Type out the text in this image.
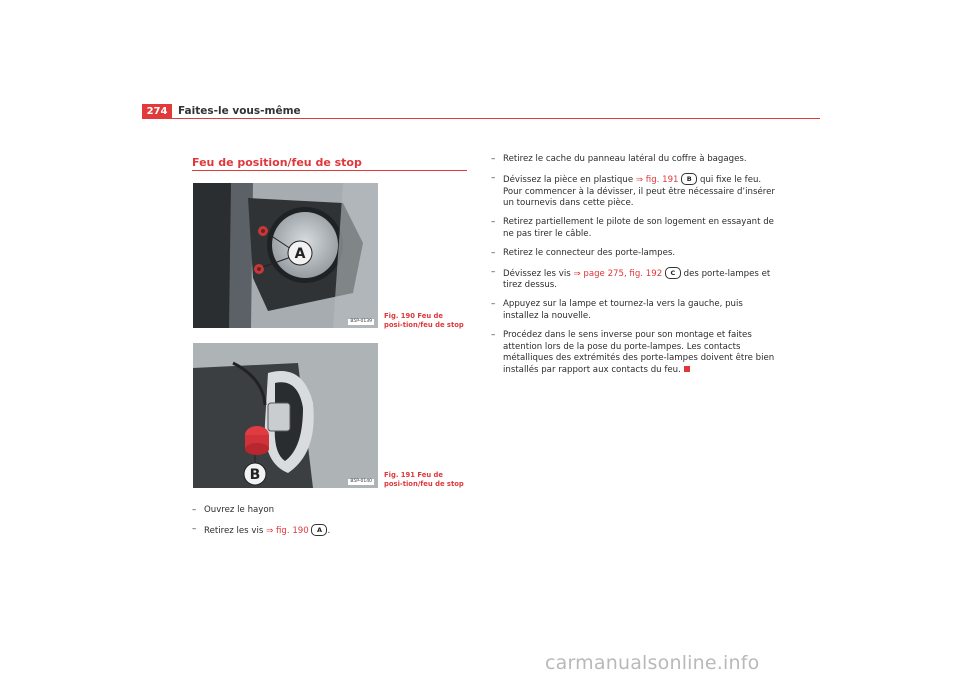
274	Faites-le vous-même
Feu de position/feu de stop
A
B5P-0139
Fig. 190 Feu de posi-tion/feu de stop
B	B5P-0140
Fig. 191 Feu de posi-tion/feu de stop
– Ouvrez le hayon
– Retirez les vis ⇒ fig. 190 A .
– Retirez le cache du panneau latéral du coffre à bagages.
– Dévissez la pièce en plastique ⇒ fig. 191 B qui fixe le feu. Pour commencer à la dévisser, il peut être nécessaire d’insérer un tournevis dans cette pièce.
– Retirez partiellement le pilote de son logement en essayant de ne pas tirer le câble.
– Retirez le connecteur des porte-lampes.
– Dévissez les vis ⇒ page 275, fig. 192 C des porte-lampes et tirez dessus.
– Appuyez sur la lampe et tournez-la vers la gauche, puis installez la nouvelle.
– Procédez dans le sens inverse pour son montage et faites attention lors de la pose du porte-lampes. Les contacts métalliques des extrémités des porte-lampes doivent être bien installés par rapport aux contacts du feu.
carmanualsonline.info
